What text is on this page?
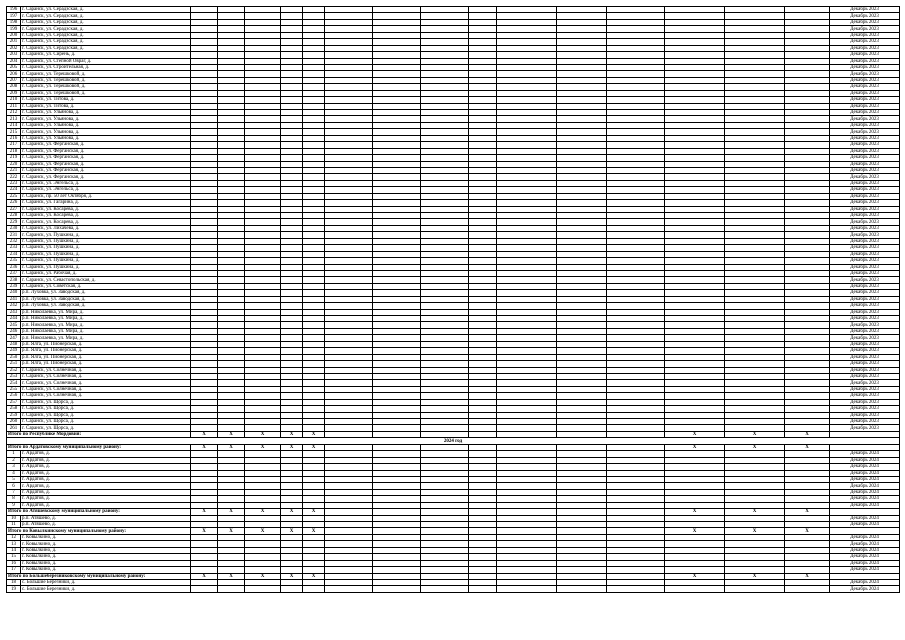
196	г. Саранск, ул. Серадзская, д.																Декабрь 2023
197	г. Саранск, ул. Серадзская, д.																Декабрь 2023
198	г. Саранск, ул. Серадзская, д.																Декабрь 2023
199	г. Саранск, ул. Серадзская, д.																Декабрь 2023
200	г. Саранск, ул. Серадзская, д.																Декабрь 2023
201	г. Саранск, ул. Серадзская, д.																Декабрь 2023
202	г. Саранск, ул. Серадзская, д.																Декабрь 2023
203	г. Саранск, ул. Сирень, д.																Декабрь 2023
204	г. Саранск, ул. Степной Овраг, д.																Декабрь 2023
205	г. Саранск, ул. Строительная, д.																Декабрь 2023
206	г. Саранск, ул. Терешковой, д.																Декабрь 2023
207	г. Саранск, ул. Терешковой, д.																Декабрь 2023
208	г. Саранск, ул. Терешковой, д.																Декабрь 2023
209	г. Саранск, ул. Терешковой, д.																Декабрь 2023
210	г. Саранск, ул. Титова, д.																Декабрь 2023
211	г. Саранск, ул. Титова, д.																Декабрь 2023
212	г. Саранск, ул. Ульянова, д.																Декабрь 2023
213	г. Саранск, ул. Ульянова, д.																Декабрь 2023
214	г. Саранск, ул. Ульянова, д.																Декабрь 2023
215	г. Саранск, ул. Ульянова, д.																Декабрь 2023
216	г. Саранск, ул. Ульянова, д.																Декабрь 2023
217	г. Саранск, ул. Ферганская, д.																Декабрь 2023
218	г. Саранск, ул. Ферганская, д.																Декабрь 2023
219	г. Саранск, ул. Ферганская, д.																Декабрь 2023
220	г. Саранск, ул. Ферганская, д.																Декабрь 2023
221	г. Саранск, ул. Ферганская, д.																Декабрь 2023
222	г. Саранск, ул. Ферганская, д.																Декабрь 2023
223	г. Саранск, ул. Энгельса, д.																Декабрь 2023
224	г. Саранск, ул. Энгельса, д.																Декабрь 2023
225	г. Саранск, пр. 50 лет Октября, д.																Декабрь 2023
226	г. Саранск, ул. Гагарина, д.																Декабрь 2023
227	г. Саранск, ул. Косарева, д.																Декабрь 2023
228	г. Саранск, ул. Косарева, д.																Декабрь 2023
229	г. Саранск, ул. Косарева, д.																Декабрь 2023
230	г. Саранск, ул. Лихачева, д.																Декабрь 2023
231	г. Саранск, ул. Пушкина, д.																Декабрь 2023
232	г. Саранск, ул. Пушкина, д.																Декабрь 2023
233	г. Саранск, ул. Пушкина, д.																Декабрь 2023
234	г. Саранск, ул. Пушкина, д.																Декабрь 2023
235	г. Саранск, ул. Пушкина, д.																Декабрь 2023
236	г. Саранск, ул. Пушкина, д.																Декабрь 2023
237	г. Саранск, ул. Рабочая, д.																Декабрь 2023
238	г. Саранск, ул. Севастопольская, д.																Декабрь 2023
239	г. Саранск, ул. Советская, д.																Декабрь 2023
240	р.п. Луховка, ул. Заводская, д.																Декабрь 2023
241	р.п. Луховка, ул. Заводская, д.																Декабрь 2023
242	р.п. Луховка, ул. Заводская, д.																Декабрь 2023
243	р.п. Николаевка, ул. Мира, д.																Декабрь 2023
244	р.п. Николаевка, ул. Мира, д.																Декабрь 2023
245	р.п. Николаевка, ул. Мира, д.																Декабрь 2023
246	р.п. Николаевка, ул. Мира, д.																Декабрь 2023
247	р.п. Николаевка, ул. Мира, д.																Декабрь 2023
248	р.п. Ялга, ул. Пионерская, д.																Декабрь 2023
249	р.п. Ялга, ул. Пионерская, д.																Декабрь 2023
250	р.п. Ялга, ул. Пионерская, д.																Декабрь 2023
251	р.п. Ялга, ул. Пионерская, д.																Декабрь 2023
252	г. Саранск, ул. Солнечная, д.																Декабрь 2023
253	г. Саранск, ул. Солнечная, д.																Декабрь 2023
254	г. Саранск, ул. Солнечная, д.																Декабрь 2023
255	г. Саранск, ул. Солнечная, д.																Декабрь 2023
256	г. Саранск, ул. Солнечная, д.																Декабрь 2023
257	г. Саранск, ул. Щорса, д.																Декабрь 2023
258	г. Саранск, ул. Щорса, д.																Декабрь 2023
259	г. Саранск, ул. Щорса, д.																Декабрь 2023
260	г. Саранск, ул. Щорса, д.																Декабрь 2023
261	г. Саранск, ул. Щорса, д.																Декабрь 2023
Итого по Республике Мордовия:		X	X	X	X	X								X	X	X	
2024 год																	
Итого по Ардатовскому муниципальному району:		X	X	X	X	X								X	X	X	
1	г. Ардатов, д.																Декабрь 2024
2	г. Ардатов, д.																Декабрь 2024
3	г. Ардатов, д.																Декабрь 2024
4	г. Ардатов, д.																Декабрь 2024
5	г. Ардатов, д.																Декабрь 2024
6	г. Ардатов, д.																Декабрь 2024
7	г. Ардатов, д.																Декабрь 2024
8	г. Ардатов, д.																Декабрь 2024
9	г. Ардатов, д.																Декабрь 2024
Итого по Атяшевскому муниципальному району:		X	X	X	X	X								X	X	X	
10	р.п. Атяшево, д.																Декабрь 2024
11	р.п. Атяшево, д.																Декабрь 2024
Итого по Ковылкинскому муниципальному району:		X	X	X	X	X								X	X	X	
12	г. Ковылкино, д.																Декабрь 2024
13	г. Ковылкино, д.																Декабрь 2024
14	г. Ковылкино, д.																Декабрь 2024
15	г. Ковылкино, д.																Декабрь 2024
16	г. Ковылкино, д.																Декабрь 2024
17	г. Ковылкино, д.																Декабрь 2024
Итого по Большеберезниковскому муниципальному району:		X	X	X	X	X								X	X	X	
18	с. Большие Березники, д.																Декабрь 2024
19	с. Большие Березники, д.																Декабрь 2024
